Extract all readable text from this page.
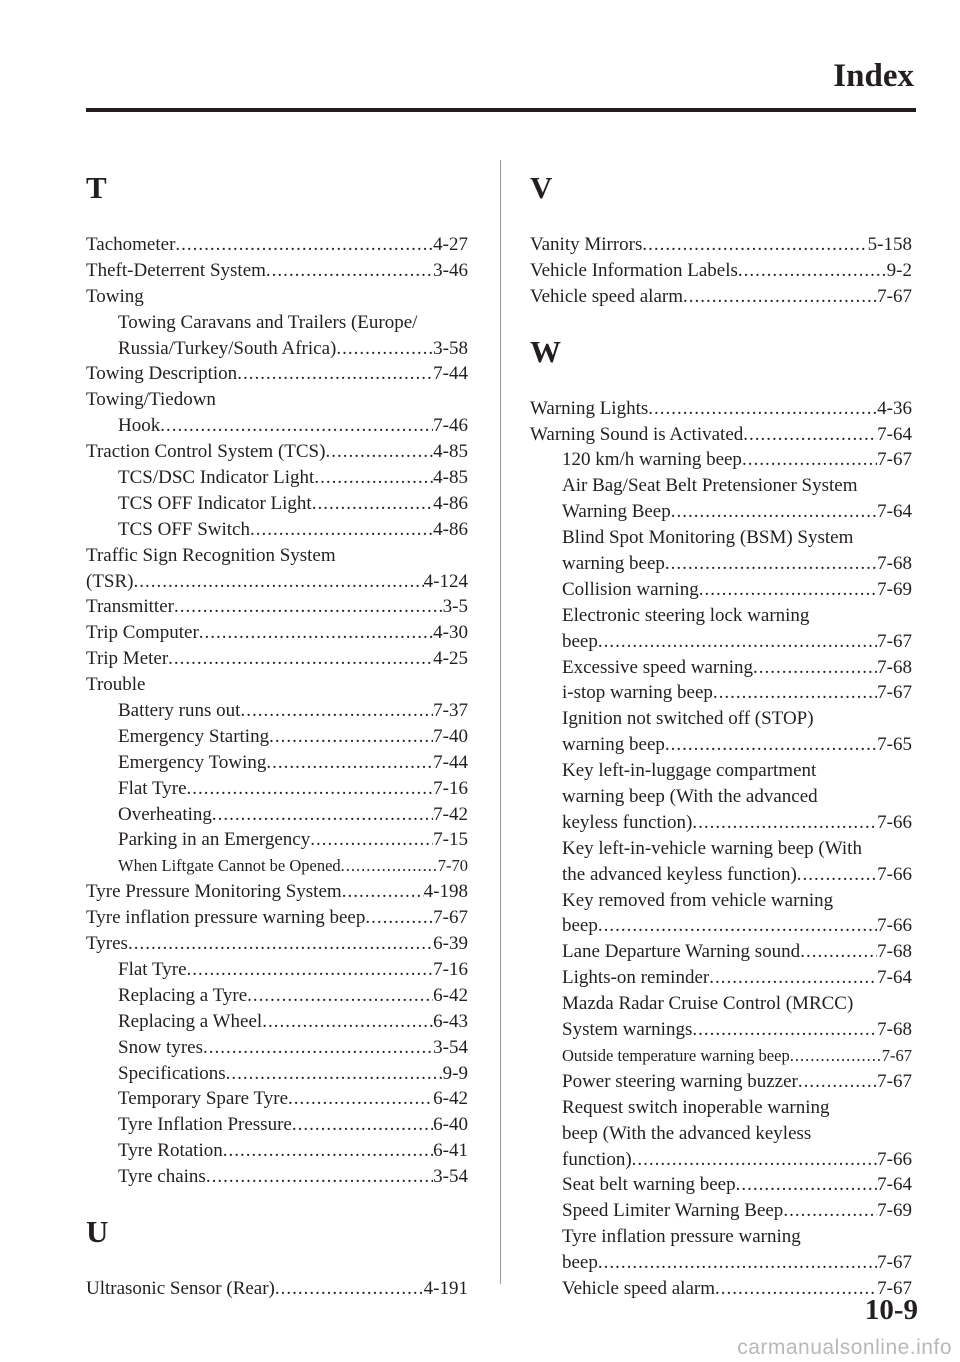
Index
T
Tachometer .....	4-27
Theft-Deterrent System .....	3-46
Towing
Towing Caravans and Trailers (Europe/
Russia/Turkey/South Africa) .....	3-58
Towing Description .....	7-44
Towing/Tiedown
Hook .....	7-46
Traction Control System (TCS) .....	4-85
TCS/DSC Indicator Light .....	4-85
TCS OFF Indicator Light .....	4-86
TCS OFF Switch .....	4-86
Traffic Sign Recognition System
(TSR) .....	4-124
Transmitter .....	3-5
Trip Computer .....	4-30
Trip Meter .....	4-25
Trouble
Battery runs out .....	7-37
Emergency Starting .....	7-40
Emergency Towing .....	7-44
Flat Tyre .....	7-16
Overheating .....	7-42
Parking in an Emergency .....	7-15
When Liftgate Cannot be Opened .....	7-70
Tyre Pressure Monitoring System .....	4-198
Tyre inflation pressure warning beep .....	7-67
Tyres .....	6-39
Flat Tyre .....	7-16
Replacing a Tyre .....	6-42
Replacing a Wheel .....	6-43
Snow tyres .....	3-54
Specifications .....	9-9
Temporary Spare Tyre .....	6-42
Tyre Inflation Pressure .....	6-40
Tyre Rotation .....	6-41
Tyre chains .....	3-54
U
Ultrasonic Sensor (Rear) .....	4-191
V
Vanity Mirrors .....	5-158
Vehicle Information Labels .....	9-2
Vehicle speed alarm .....	7-67
W
Warning Lights .....	4-36
Warning Sound is Activated .....	7-64
120 km/h warning beep .....	7-67
Air Bag/Seat Belt Pretensioner System
Warning Beep .....	7-64
Blind Spot Monitoring (BSM) System
warning beep .....	7-68
Collision warning .....	7-69
Electronic steering lock warning
beep .....	7-67
Excessive speed warning .....	7-68
i-stop warning beep .....	7-67
Ignition not switched off (STOP)
warning beep .....	7-65
Key left-in-luggage compartment
warning beep (With the advanced
keyless function) .....	7-66
Key left-in-vehicle warning beep (With
the advanced keyless function) .....	7-66
Key removed from vehicle warning
beep .....	7-66
Lane Departure Warning sound .....	7-68
Lights-on reminder .....	7-64
Mazda Radar Cruise Control (MRCC)
System warnings .....	7-68
Outside temperature warning beep .....	7-67
Power steering warning buzzer .....	7-67
Request switch inoperable warning
beep (With the advanced keyless
function) .....	7-66
Seat belt warning beep .....	7-64
Speed Limiter Warning Beep .....	7-69
Tyre inflation pressure warning
beep .....	7-67
Vehicle speed alarm .....	7-67
10-9
carmanualsonline.info
